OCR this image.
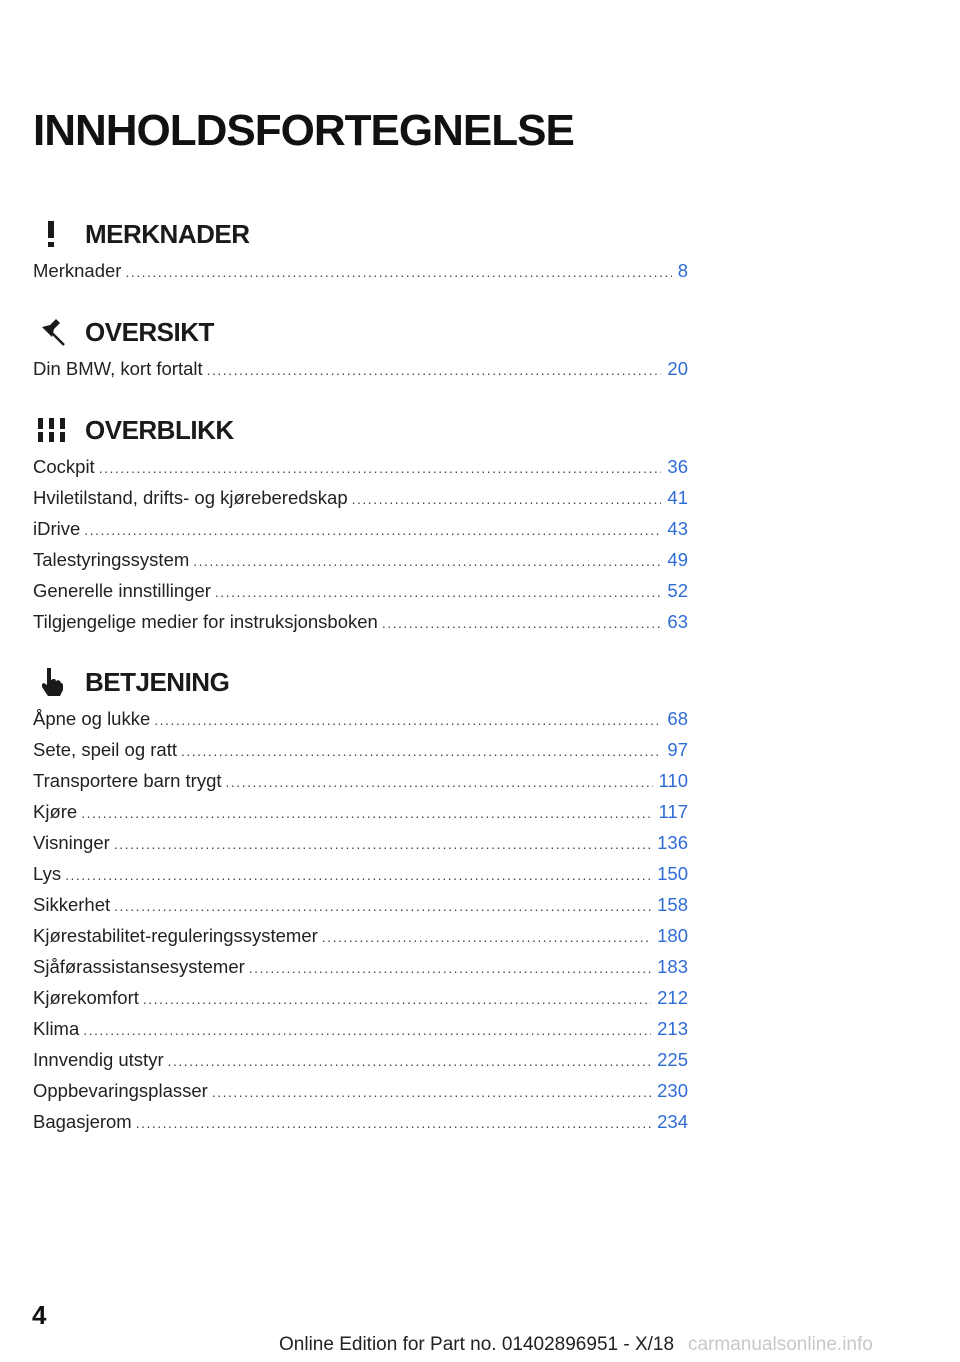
INNHOLDSFORTEGNELSE
MERKNADER
Merknader .....	8
OVERSIKT
Din BMW, kort fortalt .....	20
OVERBLIKK
Cockpit .....	36
Hviletilstand, drifts- og kjøreberedskap .....	41
iDrive .....	43
Talestyringssystem .....	49
Generelle innstillinger .....	52
Tilgjengelige medier for instruksjonsboken .....	63
BETJENING
Åpne og lukke .....	68
Sete, speil og ratt .....	97
Transportere barn trygt .....	110
Kjøre .....	117
Visninger .....	136
Lys .....	150
Sikkerhet .....	158
Kjørestabilitet-reguleringssystemer .....	180
Sjåførassistansesystemer .....	183
Kjørekomfort .....	212
Klima .....	213
Innvendig utstyr .....	225
Oppbevaringsplasser .....	230
Bagasjerom .....	234
4
Online Edition for Part no. 01402896951 - X/18 carmanualsonline.info
